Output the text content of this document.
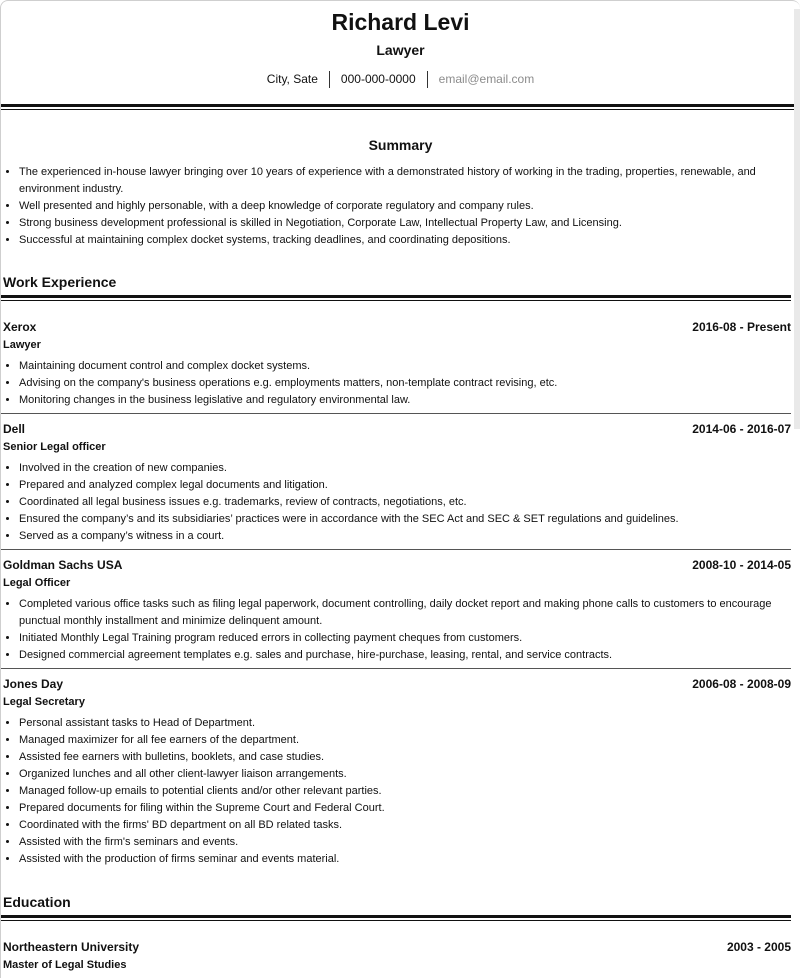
Richard Levi
Lawyer
City, Sate	000-000-0000	email@email.com
Summary
• The experienced in-house lawyer bringing over 10 years of experience with a demonstrated history of working in the trading, properties, renewable, and environment industry.
• Well presented and highly personable, with a deep knowledge of corporate regulatory and company rules.
• Strong business development professional is skilled in Negotiation, Corporate Law, Intellectual Property Law, and Licensing.
• Successful at maintaining complex docket systems, tracking deadlines, and coordinating depositions.
Work Experience
Xerox	2016-08 - Present
Lawyer
• Maintaining document control and complex docket systems.
• Advising on the company's business operations e.g. employments matters, non-template contract revising, etc.
• Monitoring changes in the business legislative and regulatory environmental law.
Dell	2014-06 - 2016-07
Senior Legal officer
• Involved in the creation of new companies.
• Prepared and analyzed complex legal documents and litigation.
• Coordinated all legal business issues e.g. trademarks, review of contracts, negotiations, etc.
• Ensured the company’s and its subsidiaries’ practices were in accordance with the SEC Act and SEC & SET regulations and guidelines.
• Served as a company’s witness in a court.
Goldman Sachs USA	2008-10 - 2014-05
Legal Officer
• Completed various office tasks such as filing legal paperwork, document controlling, daily docket report and making phone calls to customers to encourage punctual monthly installment and minimize delinquent amount.
• Initiated Monthly Legal Training program reduced errors in collecting payment cheques from customers.
• Designed commercial agreement templates e.g. sales and purchase, hire-purchase, leasing, rental, and service contracts.
Jones Day	2006-08 - 2008-09
Legal Secretary
• Personal assistant tasks to Head of Department.
• Managed maximizer for all fee earners of the department.
• Assisted fee earners with bulletins, booklets, and case studies.
• Organized lunches and all other client-lawyer liaison arrangements.
• Managed follow-up emails to potential clients and/or other relevant parties.
• Prepared documents for filing within the Supreme Court and Federal Court.
• Coordinated with the firms' BD department on all BD related tasks.
• Assisted with the firm's seminars and events.
• Assisted with the production of firms seminar and events material.
Education
Northeastern University	2003 - 2005
Master of Legal Studies
